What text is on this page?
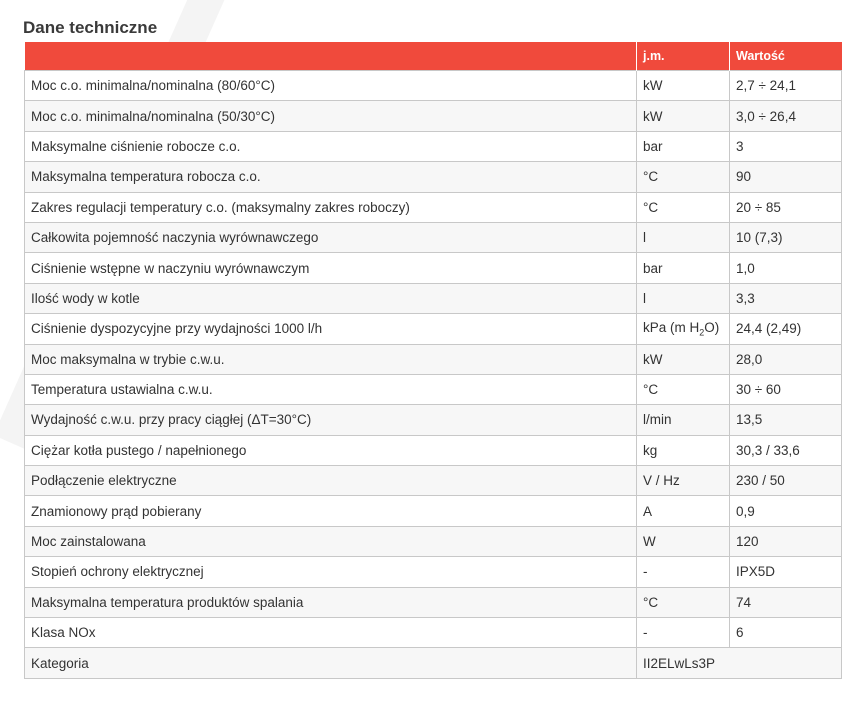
Dane techniczne
	j.m.	Wartość
Moc c.o. minimalna/nominalna (80/60°C)	kW	2,7 ÷ 24,1
Moc c.o. minimalna/nominalna (50/30°C)	kW	3,0 ÷ 26,4
Maksymalne ciśnienie robocze c.o.	bar	3
Maksymalna temperatura robocza c.o.	°C	90
Zakres regulacji temperatury c.o. (maksymalny zakres roboczy)	°C	20 ÷ 85
Całkowita pojemność naczynia wyrównawczego	l	10 (7,3)
Ciśnienie wstępne w naczyniu wyrównawczym	bar	1,0
Ilość wody w kotle	l	3,3
Ciśnienie dyspozycyjne przy wydajności 1000 l/h	kPa (m $H_2O$)	24,4 (2,49)
Moc maksymalna w trybie c.w.u.	kW	28,0
Temperatura ustawialna c.w.u.	°C	30 ÷ 60
Wydajność c.w.u. przy pracy ciągłej (ΔT=30°C)	l/min	13,5
Ciężar kotła pustego / napełnionego	kg	30,3 / 33,6
Podłączenie elektryczne	V / Hz	230 / 50
Znamionowy prąd pobierany	A	0,9
Moc zainstalowana	W	120
Stopień ochrony elektrycznej	-	IPX5D
Maksymalna temperatura produktów spalania	°C	74
Klasa NOx	-	6
Kategoria	II2ELwLs3P	
